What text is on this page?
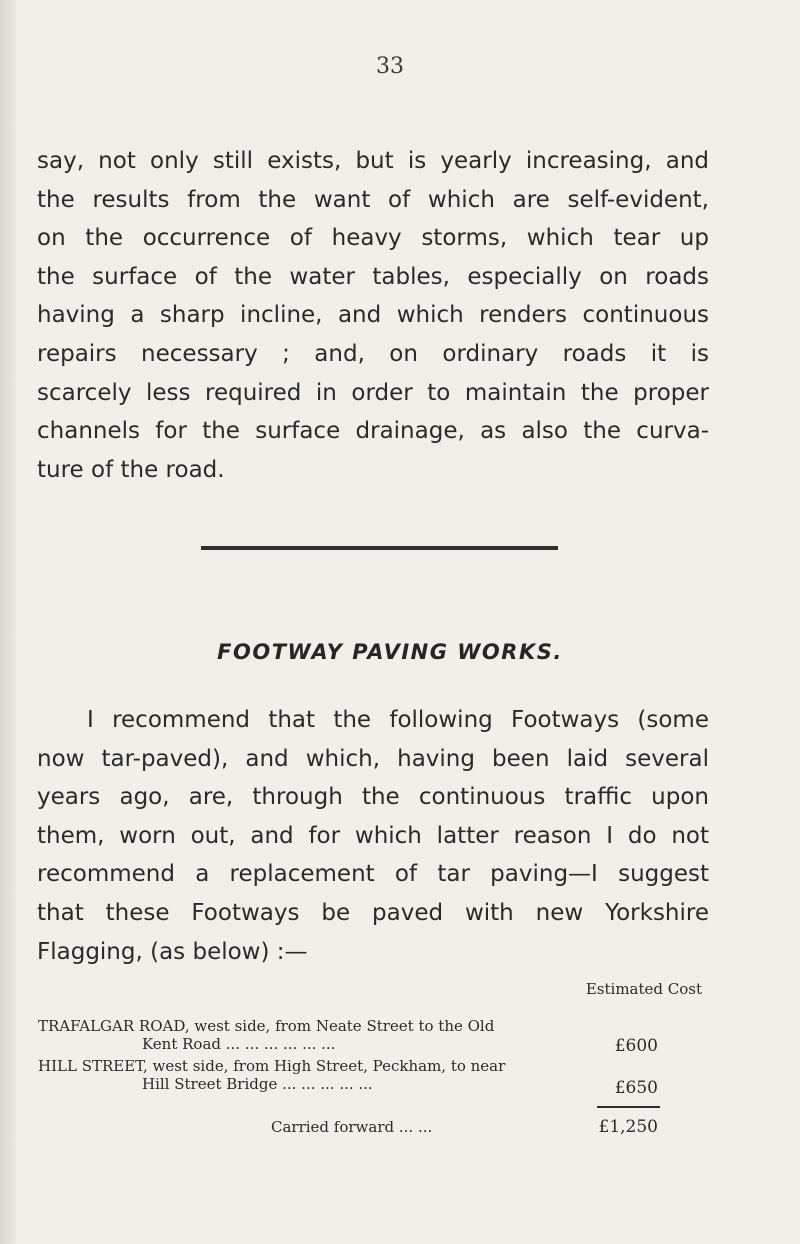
33
say, not only still exists, but is yearly increasing, and
the results from the want of which are self-evident,
on the occurrence of heavy storms, which tear up
the surface of the water tables, especially on roads
having a sharp incline, and which renders continuous
repairs necessary ; and, on ordinary roads it is
scarcely less required in order to maintain the proper
channels for the surface drainage, as also the curva-
ture of the road.
FOOTWAY PAVING WORKS.
I recommend that the following Footways (some
now tar-paved), and which, having been laid several
years ago, are, through the continuous traffic upon
them, worn out, and for which latter reason I do not
recommend a replacement of tar paving—I suggest
that these Footways be paved with new Yorkshire
Flagging, (as below) :—
Estimated Cost
TRAFALGAR ROAD, west side, from Neate Street to the Old
Kent Road ... ... ... ... ... ...	£600
HILL STREET, west side, from High Street, Peckham, to near
Hill Street Bridge ... ... ... ... ...	£650
Carried forward ... ...	£1,250
